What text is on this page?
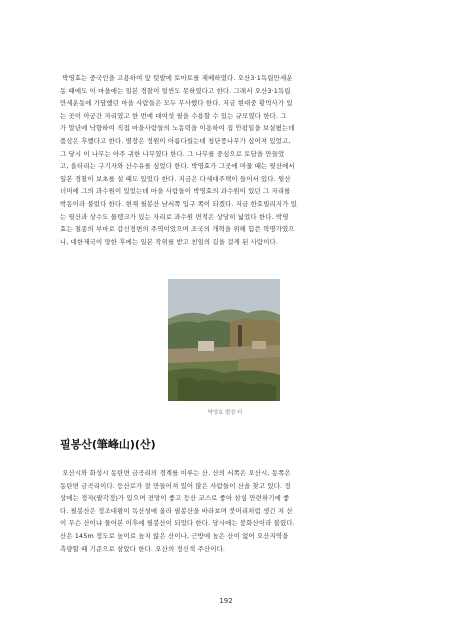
박영효는 중국인을 고용하여 앞 텃밭에 토마토를 재배하였다. 오산3·1독립만세운
동 때에도 이 마을에는 일본 경찰이 얼씬도 못하였다고 한다. 그래서 오산3·1독립
만세운동에 가담했던 마을 사람들은 모두 무사했다 한다. 지금 현대중 황먹사가 있
는 곳이 아궁간 자리였고 한 번에 대여섯 필을 수용할 수 있는 규모였다 한다. 그
가 말년에 낙향하여 직접 마을사람들의 노동력을 이용하여 집 안팎일을 보살폈는데
품삯은 후했다고 한다. 별장은 정원이 아름다웠는데 청단풍나무가 심어져 있었고,
그 당시 이 나무는 아주 귀한 나무였다 한다. 그 나무를 중심으로 토담을 만들었
고, 울타리는 구기자와 산수유를 심었다 한다. 박영효가 그곳에 머물 때는 뒷산에서
일본 경찰이 보초를 설 때도 있었다 한다. 지금은 다세대주택이 들어서 있다. 뒷산
너머에 그의 과수원이 있었는데 마을 사람들이 박영효의 과수원이 있던 그 자리를
박동이라 불렀다 한다. 현재 필봉산 남서쪽 입구 쪽이 되겠다. 지금 한호빌리지가 있
는 뒷산과 상수도 물탱크가 있는 자리로 과수원 면적은 상당히 넓었다 한다. 박영
효는 철종의 부마로 갑신정변의 주역이었으며 조국의 개혁을 위해 힘쓴 혁명가였으
나, 대한제국이 망한 후에는 일본 작위를 받고 친일의 길을 걸게 된 사람이다.

박영효 별장 터

필봉산(筆峰山)(산)

오산시와 화성시 동탄면 금곡리의 경계를 이루는 산. 산의 서쪽은 오산시, 동쪽은
동탄면 금곡리이다. 등산로가 잘 만들어져 있어 많은 사람들이 산을 찾고 있다. 정
상에는 정자(팔각정)가 있으며 전망이 좋고 등산 코스로 좋아 삼심 만련하기에 좋
다. 필봉산은 정조대왕이 독산성에 올라 필봉산을 바라보며 붓머리처럼 생긴 저 산
이 무슨 산이냐 물어본 이후에 필봉산이 되었다 한다. 당시에는 붕화산이라 불렸다.
산은 145m 정도로 높이로 높지 않은 산이나, 근방에 높은 산이 없어 오산지역을
측량할 때 기준으로 삼았다 한다. 오산의 정신적 주산이다.

192
